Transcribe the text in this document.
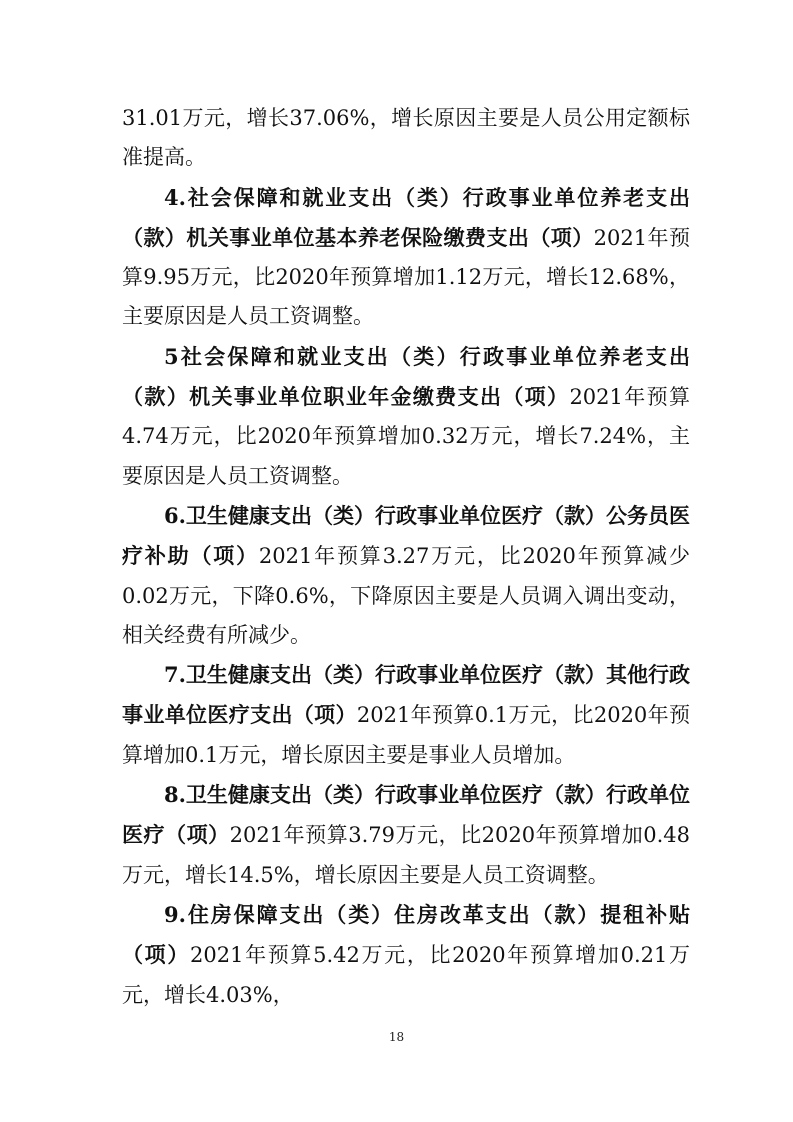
31.01万元，增长37.06%，增长原因主要是人员公用定额标准提高。

4.社会保障和就业支出（类）行政事业单位养老支出（款）机关事业单位基本养老保险缴费支出（项）2021年预算9.95万元，比2020年预算增加1.12万元，增长12.68%，主要原因是人员工资调整。

5社会保障和就业支出（类）行政事业单位养老支出（款）机关事业单位职业年金缴费支出（项）2021年预算4.74万元，比2020年预算增加0.32万元，增长7.24%，主要原因是人员工资调整。

6.卫生健康支出（类）行政事业单位医疗（款）公务员医疗补助（项）2021年预算3.27万元，比2020年预算减少0.02万元，下降0.6%，下降原因主要是人员调入调出变动，相关经费有所减少。

7.卫生健康支出（类）行政事业单位医疗（款）其他行政事业单位医疗支出（项）2021年预算0.1万元，比2020年预算增加0.1万元，增长原因主要是事业人员增加。

8.卫生健康支出（类）行政事业单位医疗（款）行政单位医疗（项）2021年预算3.79万元，比2020年预算增加0.48万元，增长14.5%，增长原因主要是人员工资调整。

9.住房保障支出（类）住房改革支出（款）提租补贴（项）2021年预算5.42万元，比2020年预算增加0.21万元，增长4.03%，

18
